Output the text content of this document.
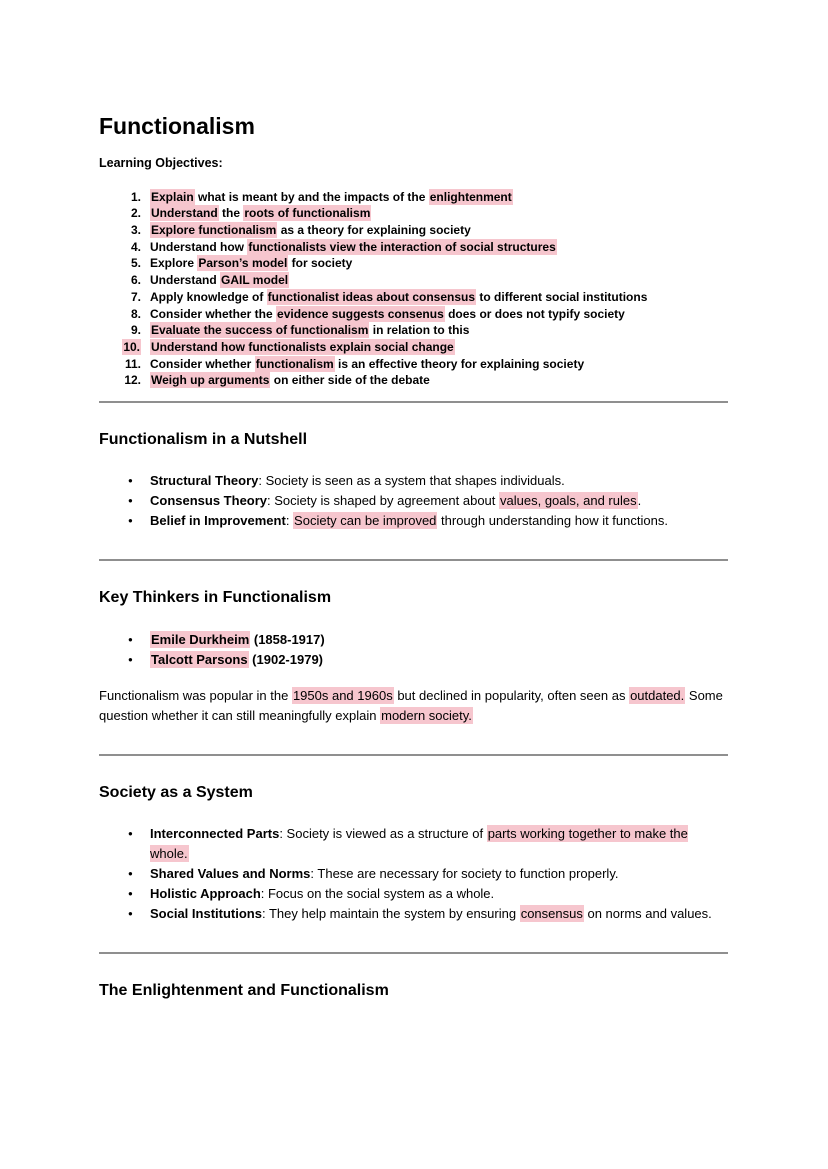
Functionalism

Learning Objectives:

1. Explain what is meant by and the impacts of the enlightenment
2. Understand the roots of functionalism
3. Explore functionalism as a theory for explaining society
4. Understand how functionalists view the interaction of social structures
5. Explore Parson’s model for society
6. Understand GAIL model
7. Apply knowledge of functionalist ideas about consensus to different social institutions
8. Consider whether the evidence suggests consenus does or does not typify society
9. Evaluate the success of functionalism in relation to this
10. Understand how functionalists explain social change
11. Consider whether functionalism is an effective theory for explaining society
12. Weigh up arguments on either side of the debate
Functionalism in a Nutshell
●	Structural Theory: Society is seen as a system that shapes individuals.
●	Consensus Theory: Society is shaped by agreement about values, goals, and rules.
●	Belief in Improvement: Society can be improved through understanding how it functions.
Key Thinkers in Functionalism
●	Emile Durkheim (1858-1917)
●	Talcott Parsons (1902-1979)

Functionalism was popular in the 1950s and 1960s but declined in popularity, often seen as outdated. Some question whether it can still meaningfully explain modern society.

Society as a System
●	Interconnected Parts: Society is viewed as a structure of parts working together to make the whole.
●	Shared Values and Norms: These are necessary for society to function properly.
●	Holistic Approach: Focus on the social system as a whole.
●	Social Institutions: They help maintain the system by ensuring consensus on norms and values.
The Enlightenment and Functionalism
